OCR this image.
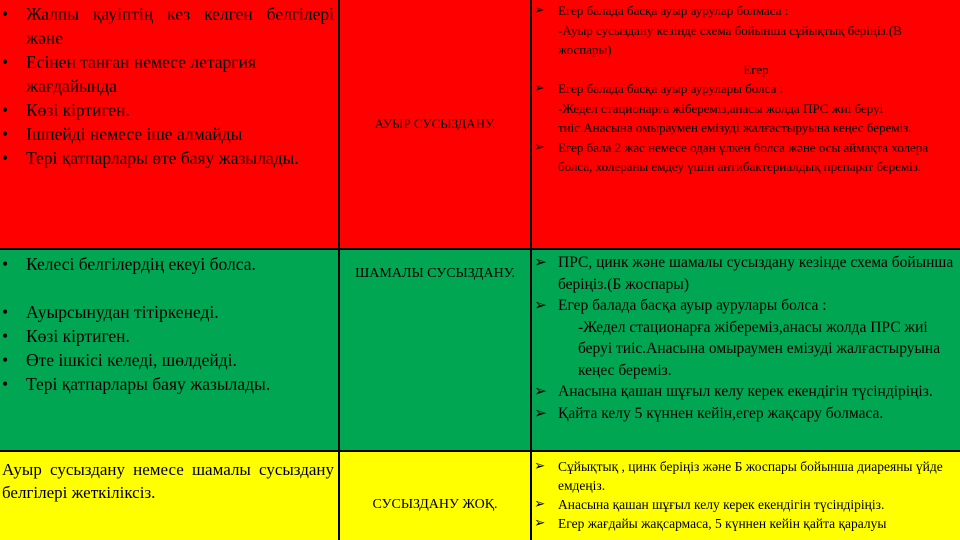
• Жалпы қауіптің кез келген белгілері және
• Есінен танған немесе летаргия жағдайында
• Көзі кіртиген.
• Ішпейді немесе іше алмайды
• Тері қатпарлары өте баяу жазылады.
АУЫР СУСЫЗДАНУ.
➢ Егер балада басқа ауыр аурулар болмаса :
-Ауыр сусыздану кезінде схема бойынша сұйықтық беріңіз.(В жоспары)
Егер
➢ Егер балада басқа ауыр аурулары болса :
-Жедел стационарға жібереміз,анасы жолда ПРС жиі беруі тиіс.Анасына омыраумен емізуді жалғастыруына кеңес береміз.
➢ Егер бала 2 жас немесе одан ұлкен болса және осы аймақта холера болса, холераны емдеу үшін антибактериалдық препарат береміз.
• Келесі белгілердің екеуі болса.
• Ауырсынудан тітіркенеді.
• Көзі кіртиген.
• Өте ішкісі келеді, шөлдейді.
• Тері қатпарлары баяу жазылады.
ШАМАЛЫ СУСЫЗДАНУ.
➢ ПРС, цинк және шамалы сусыздану кезінде схема бойынша беріңіз.(Б жоспары)
➢ Егер балада басқа ауыр аурулары болса :
-Жедел стационарға жібереміз,анасы жолда ПРС жиі беруі тиіс.Анасына омыраумен емізуді жалғастыруына кеңес береміз.
➢ Анасына қашан шұғыл келу керек екендігін түсіндіріңіз.
➢ Қайта келу 5 күннен кейін,егер жақсару болмаса.
Ауыр сусыздану немесе шамалы сусыздану белгілері жеткіліксіз.
СУСЫЗДАНУ ЖОҚ.
➢ Сұйықтық , цинк беріңіз және Б жоспары бойынша диареяны үйде емдеңіз.
➢ Анасына қашан шұғыл келу керек екендігін түсіндіріңіз.
➢ Егер жағдайы жақсармаса, 5 күннен кейін қайта қаралуы
